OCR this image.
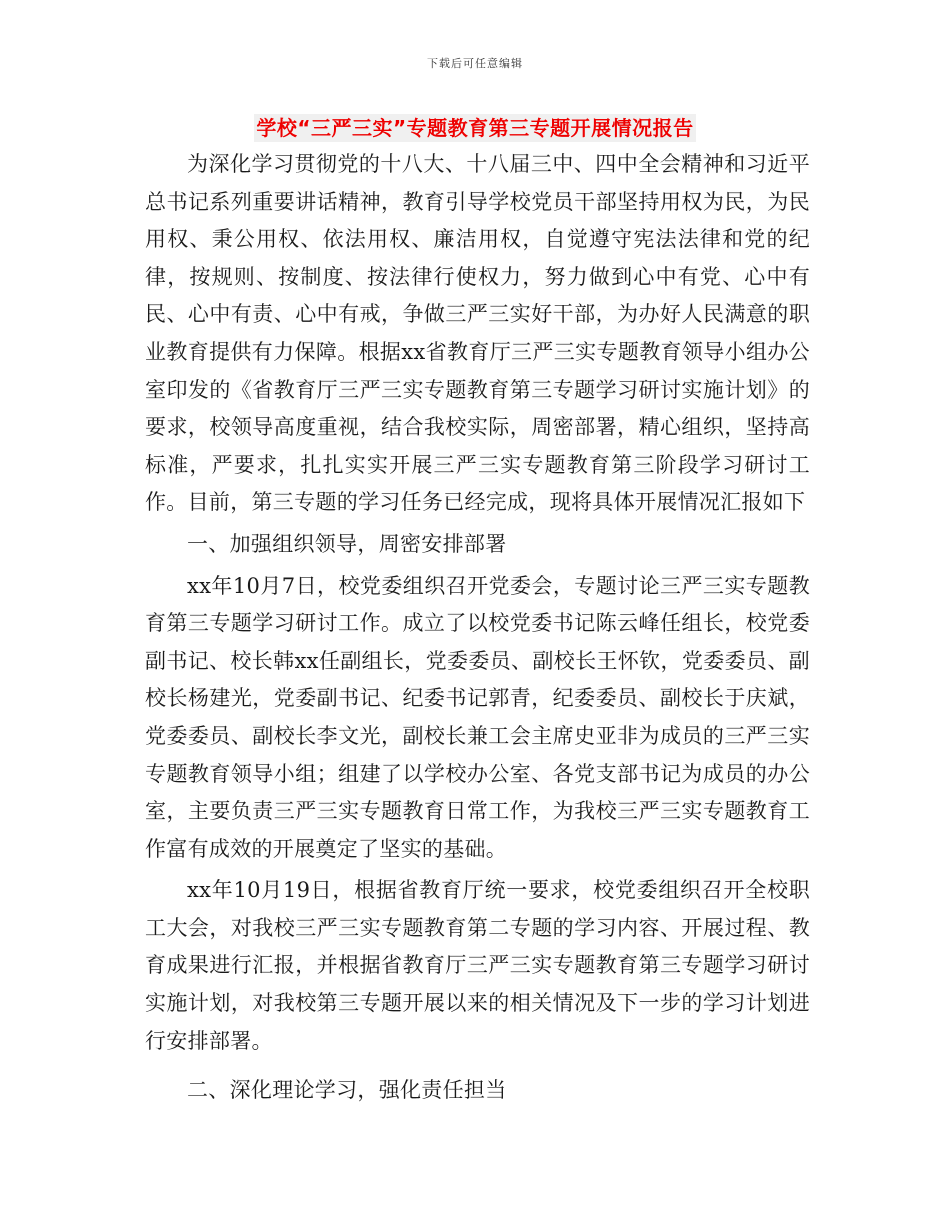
下载后可任意编辑
学校“三严三实”专题教育第三专题开展情况报告

为深化学习贯彻党的十八大、十八届三中、四中全会精神和习近平总书记系列重要讲话精神，教育引导学校党员干部坚持用权为民，为民用权、秉公用权、依法用权、廉洁用权，自觉遵守宪法法律和党的纪律，按规则、按制度、按法律行使权力，努力做到心中有党、心中有民、心中有责、心中有戒，争做三严三实好干部，为办好人民满意的职业教育提供有力保障。根据xx省教育厅三严三实专题教育领导小组办公室印发的《省教育厅三严三实专题教育第三专题学习研讨实施计划》的要求，校领导高度重视，结合我校实际，周密部署，精心组织，坚持高标准，严要求，扎扎实实开展三严三实专题教育第三阶段学习研讨工作。目前，第三专题的学习任务已经完成，现将具体开展情况汇报如下

一、加强组织领导，周密安排部署

xx年10月7日，校党委组织召开党委会，专题讨论三严三实专题教育第三专题学习研讨工作。成立了以校党委书记陈云峰任组长，校党委副书记、校长韩xx任副组长，党委委员、副校长王怀钦，党委委员、副校长杨建光，党委副书记、纪委书记郭青，纪委委员、副校长于庆斌，党委委员、副校长李文光，副校长兼工会主席史亚非为成员的三严三实专题教育领导小组；组建了以学校办公室、各党支部书记为成员的办公室，主要负责三严三实专题教育日常工作，为我校三严三实专题教育工作富有成效的开展奠定了坚实的基础。

xx年10月19日，根据省教育厅统一要求，校党委组织召开全校职工大会，对我校三严三实专题教育第二专题的学习内容、开展过程、教育成果进行汇报，并根据省教育厅三严三实专题教育第三专题学习研讨实施计划，对我校第三专题开展以来的相关情况及下一步的学习计划进行安排部署。

二、深化理论学习，强化责任担当
